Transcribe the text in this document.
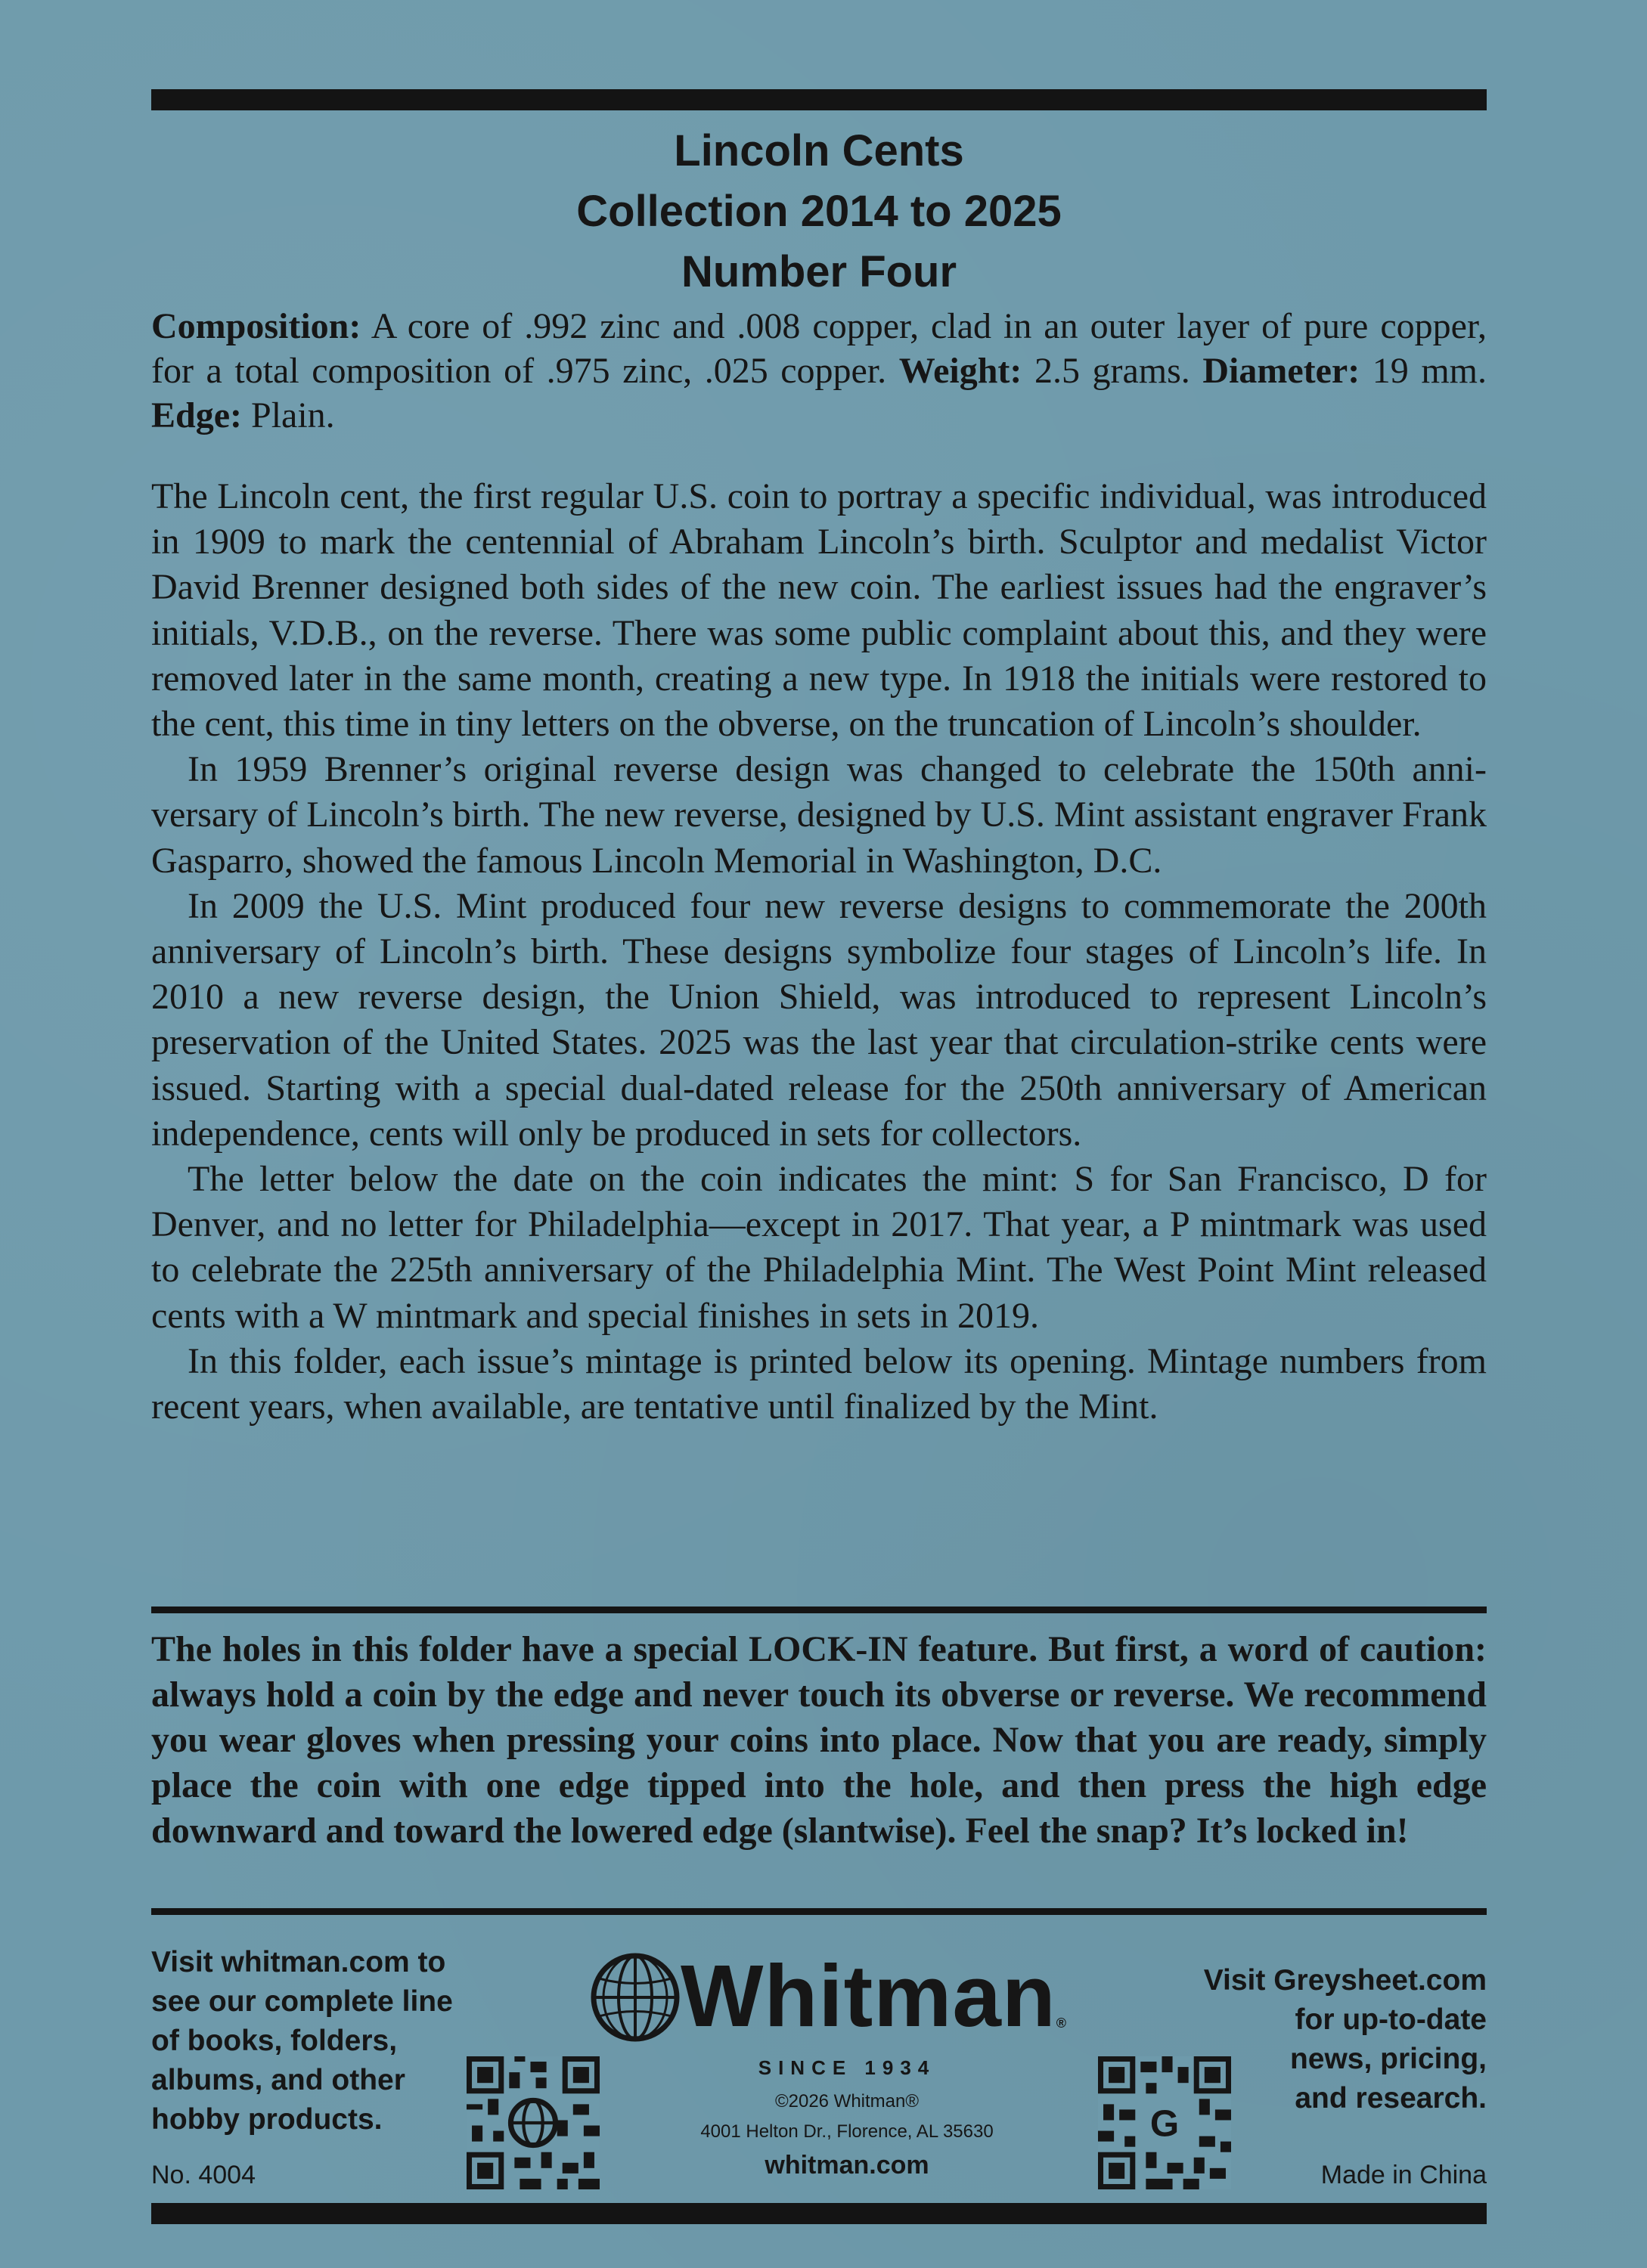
Lincoln Cents
Collection 2014 to 2025
Number Four
Composition: A core of .992 zinc and .008 copper, clad in an outer layer of pure copper, for a total composition of .975 zinc, .025 copper. Weight: 2.5 grams. Diameter: 19 mm. Edge: Plain.

The Lincoln cent, the first regular U.S. coin to portray a specific individual, was introduced in 1909 to mark the centennial of Abraham Lincoln’s birth. Sculptor and medalist Victor David Brenner designed both sides of the new coin. The earliest issues had the engraver’s initials, V.D.B., on the reverse. There was some public complaint about this, and they were removed later in the same month, creating a new type. In 1918 the initials were restored to the cent, this time in tiny letters on the obverse, on the truncation of Lincoln’s shoulder.

In 1959 Brenner’s original reverse design was changed to celebrate the 150th anniversary of Lincoln’s birth. The new reverse, designed by U.S. Mint assistant engraver Frank Gasparro, showed the famous Lincoln Memorial in Washington, D.C.

In 2009 the U.S. Mint produced four new reverse designs to commemorate the 200th anniversary of Lincoln’s birth. These designs symbolize four stages of Lincoln’s life. In 2010 a new reverse design, the Union Shield, was introduced to represent Lincoln’s preservation of the United States. 2025 was the last year that circulation-strike cents were issued. Starting with a special dual-dated release for the 250th anniversary of American independence, cents will only be produced in sets for collectors.

The letter below the date on the coin indicates the mint: S for San Francisco, D for Denver, and no letter for Philadelphia—except in 2017. That year, a P mintmark was used to celebrate the 225th anniversary of the Philadelphia Mint. The West Point Mint released cents with a W mintmark and special finishes in sets in 2019.

In this folder, each issue’s mintage is printed below its opening. Mintage numbers from recent years, when available, are tentative until finalized by the Mint.

The holes in this folder have a special LOCK-IN feature. But first, a word of caution: always hold a coin by the edge and never touch its obverse or reverse. We recommend you wear gloves when pressing your coins into place. Now that you are ready, simply place the coin with one edge tipped into the hole, and then press the high edge downward and toward the lowered edge (slantwise). Feel the snap? It’s locked in!
Visit whitman.com to
see our complete line
of books, folders,
albums, and other
hobby products.
No. 4004
Whitman®
SINCE 1934
©2026 Whitman®
4001 Helton Dr., Florence, AL 35630
whitman.com
G
Visit Greysheet.com
for up-to-date
news, pricing,
and research.
Made in China
